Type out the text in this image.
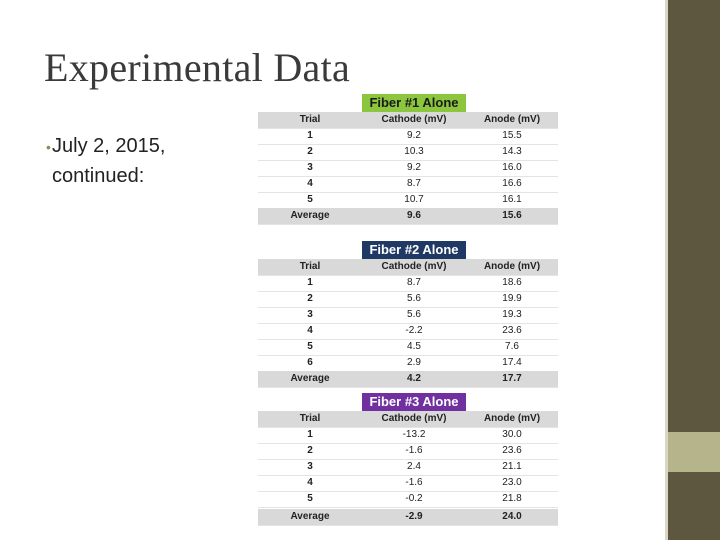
Experimental Data
• July 2, 2015, continued:
Fiber #1 Alone
Trial	Cathode (mV)	Anode (mV)
1	9.2	15.5
2	10.3	14.3
3	9.2	16.0
4	8.7	16.6
5	10.7	16.1
Average	9.6	15.6
Fiber #2 Alone
Trial	Cathode (mV)	Anode (mV)
1	8.7	18.6
2	5.6	19.9
3	5.6	19.3
4	-2.2	23.6
5	4.5	7.6
6	2.9	17.4
Average	4.2	17.7
Fiber #3 Alone
Trial	Cathode (mV)	Anode (mV)
1	-13.2	30.0
2	-1.6	23.6
3	2.4	21.1
4	-1.6	23.0
5	-0.2	21.8
Average	-2.9	24.0
